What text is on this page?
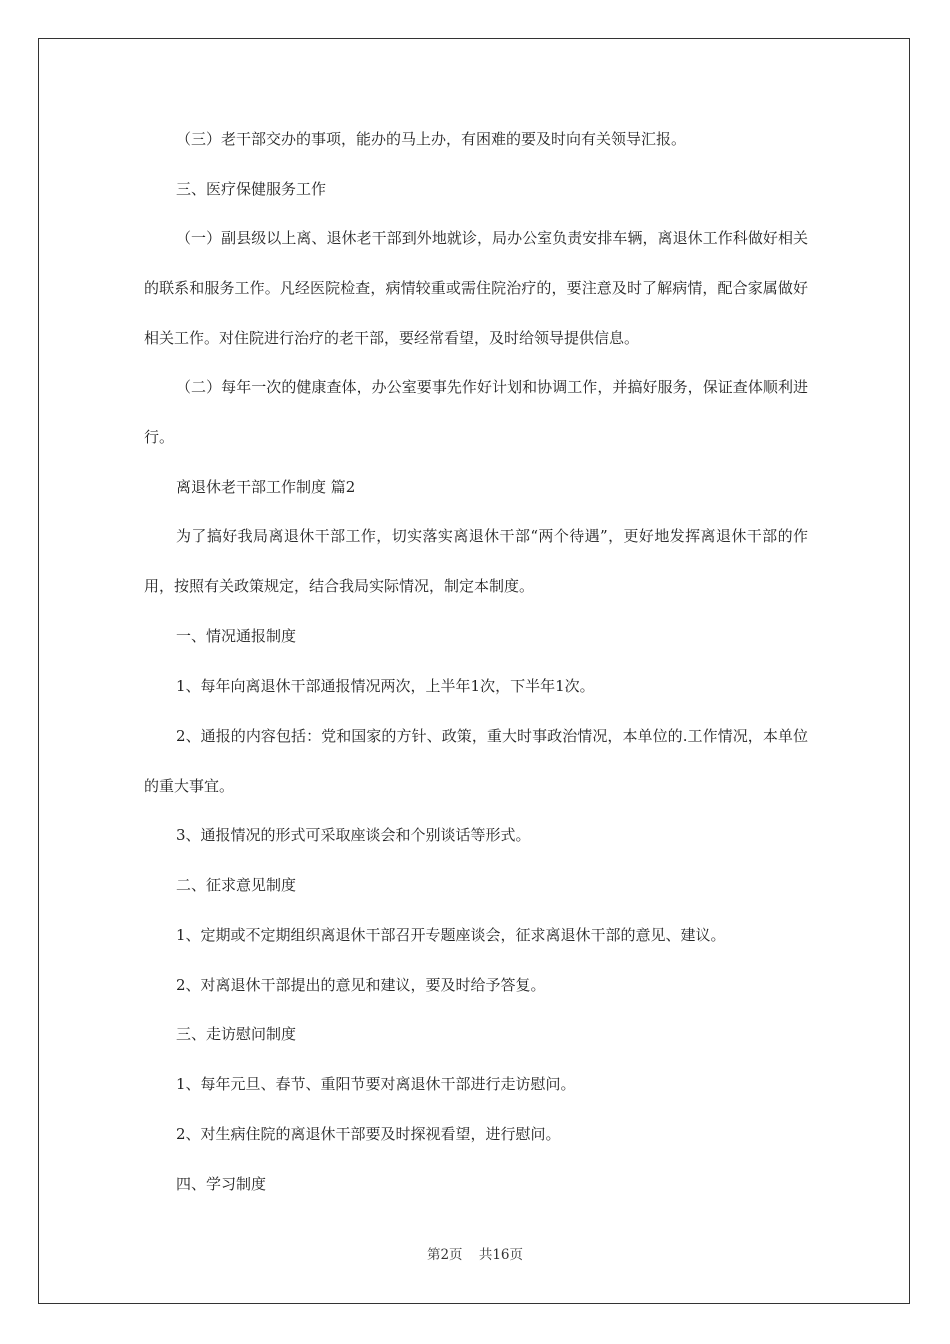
（三）老干部交办的事项，能办的马上办，有困难的要及时向有关领导汇报。

三、医疗保健服务工作

（一）副县级以上离、退休老干部到外地就诊，局办公室负责安排车辆，离退休工作科做好相关的联系和服务工作。凡经医院检查，病情较重或需住院治疗的，要注意及时了解病情，配合家属做好相关工作。对住院进行治疗的老干部，要经常看望，及时给领导提供信息。

（二）每年一次的健康查体，办公室要事先作好计划和协调工作，并搞好服务，保证查体顺利进行。

离退休老干部工作制度 篇2

为了搞好我局离退休干部工作，切实落实离退休干部“两个待遇”，更好地发挥离退休干部的作用，按照有关政策规定，结合我局实际情况，制定本制度。

一、情况通报制度

1、每年向离退休干部通报情况两次，上半年1次，下半年1次。

2、通报的内容包括：党和国家的方针、政策，重大时事政治情况，本单位的.工作情况，本单位的重大事宜。

3、通报情况的形式可采取座谈会和个别谈话等形式。

二、征求意见制度

1、定期或不定期组织离退休干部召开专题座谈会，征求离退休干部的意见、建议。

2、对离退休干部提出的意见和建议，要及时给予答复。

三、走访慰问制度

1、每年元旦、春节、重阳节要对离退休干部进行走访慰问。

2、对生病住院的离退休干部要及时探视看望，进行慰问。

四、学习制度

第2页 共16页
